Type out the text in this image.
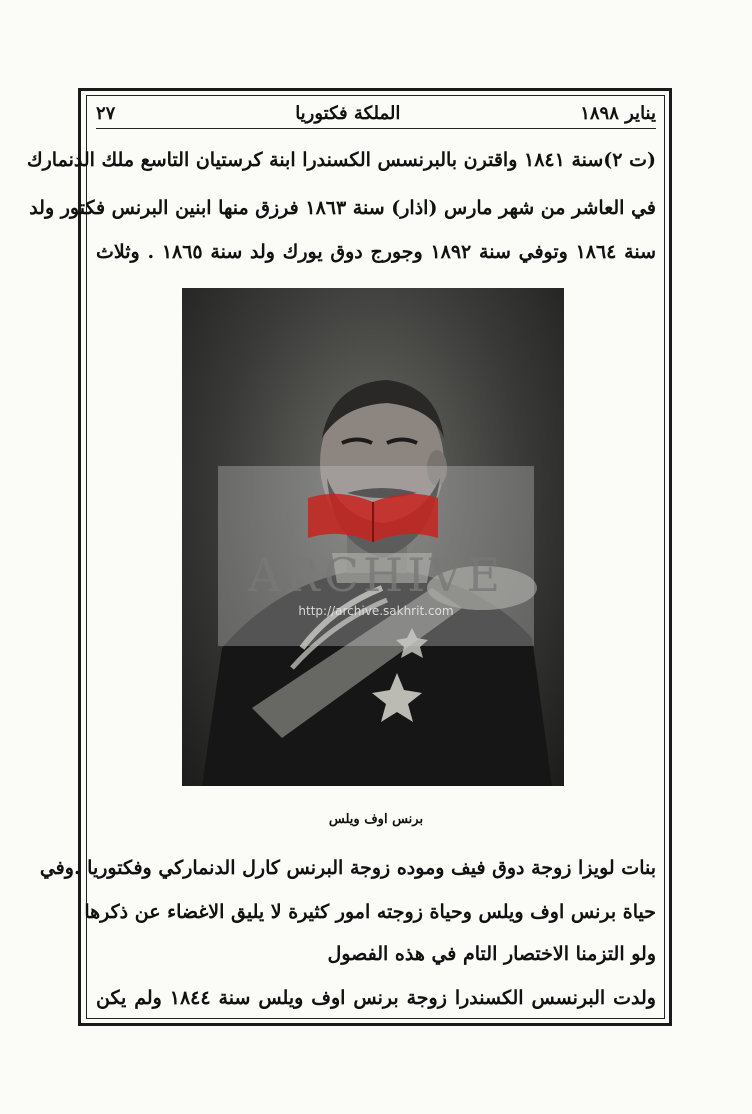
يناير ١٨٩٨
الملكة فكتوريا
٢٧
(ت ٢)سنة ١٨٤١ واقترن بالبرنسس الكسندرا ابنة كرستيان التاسع ملك الدنمارك
في العاشر من شهر مارس (اذار) سنة ١٨٦٣ فرزق منها ابنين البرنس فكتور ولد
سنة ١٨٦٤ وتوفي سنة ١٨٩٢ وجورج دوق يورك ولد سنة ١٨٦٥ . وثلاث
ARCHIVE
http://archive.sakhrit.com
برنس اوف ويلس
بنات لويزا زوجة دوق فيف وموده زوجة البرنس كارل الدنماركي وفكتوريا .وفي
حياة برنس اوف ويلس وحياة زوجته امور كثيرة لا يليق الاغضاء عن ذكرها
ولو التزمنا الاختصار التام في هذه الفصول
ولدت البرنسس الكسندرا زوجة برنس اوف ويلس سنة ١٨٤٤ ولم يكن
